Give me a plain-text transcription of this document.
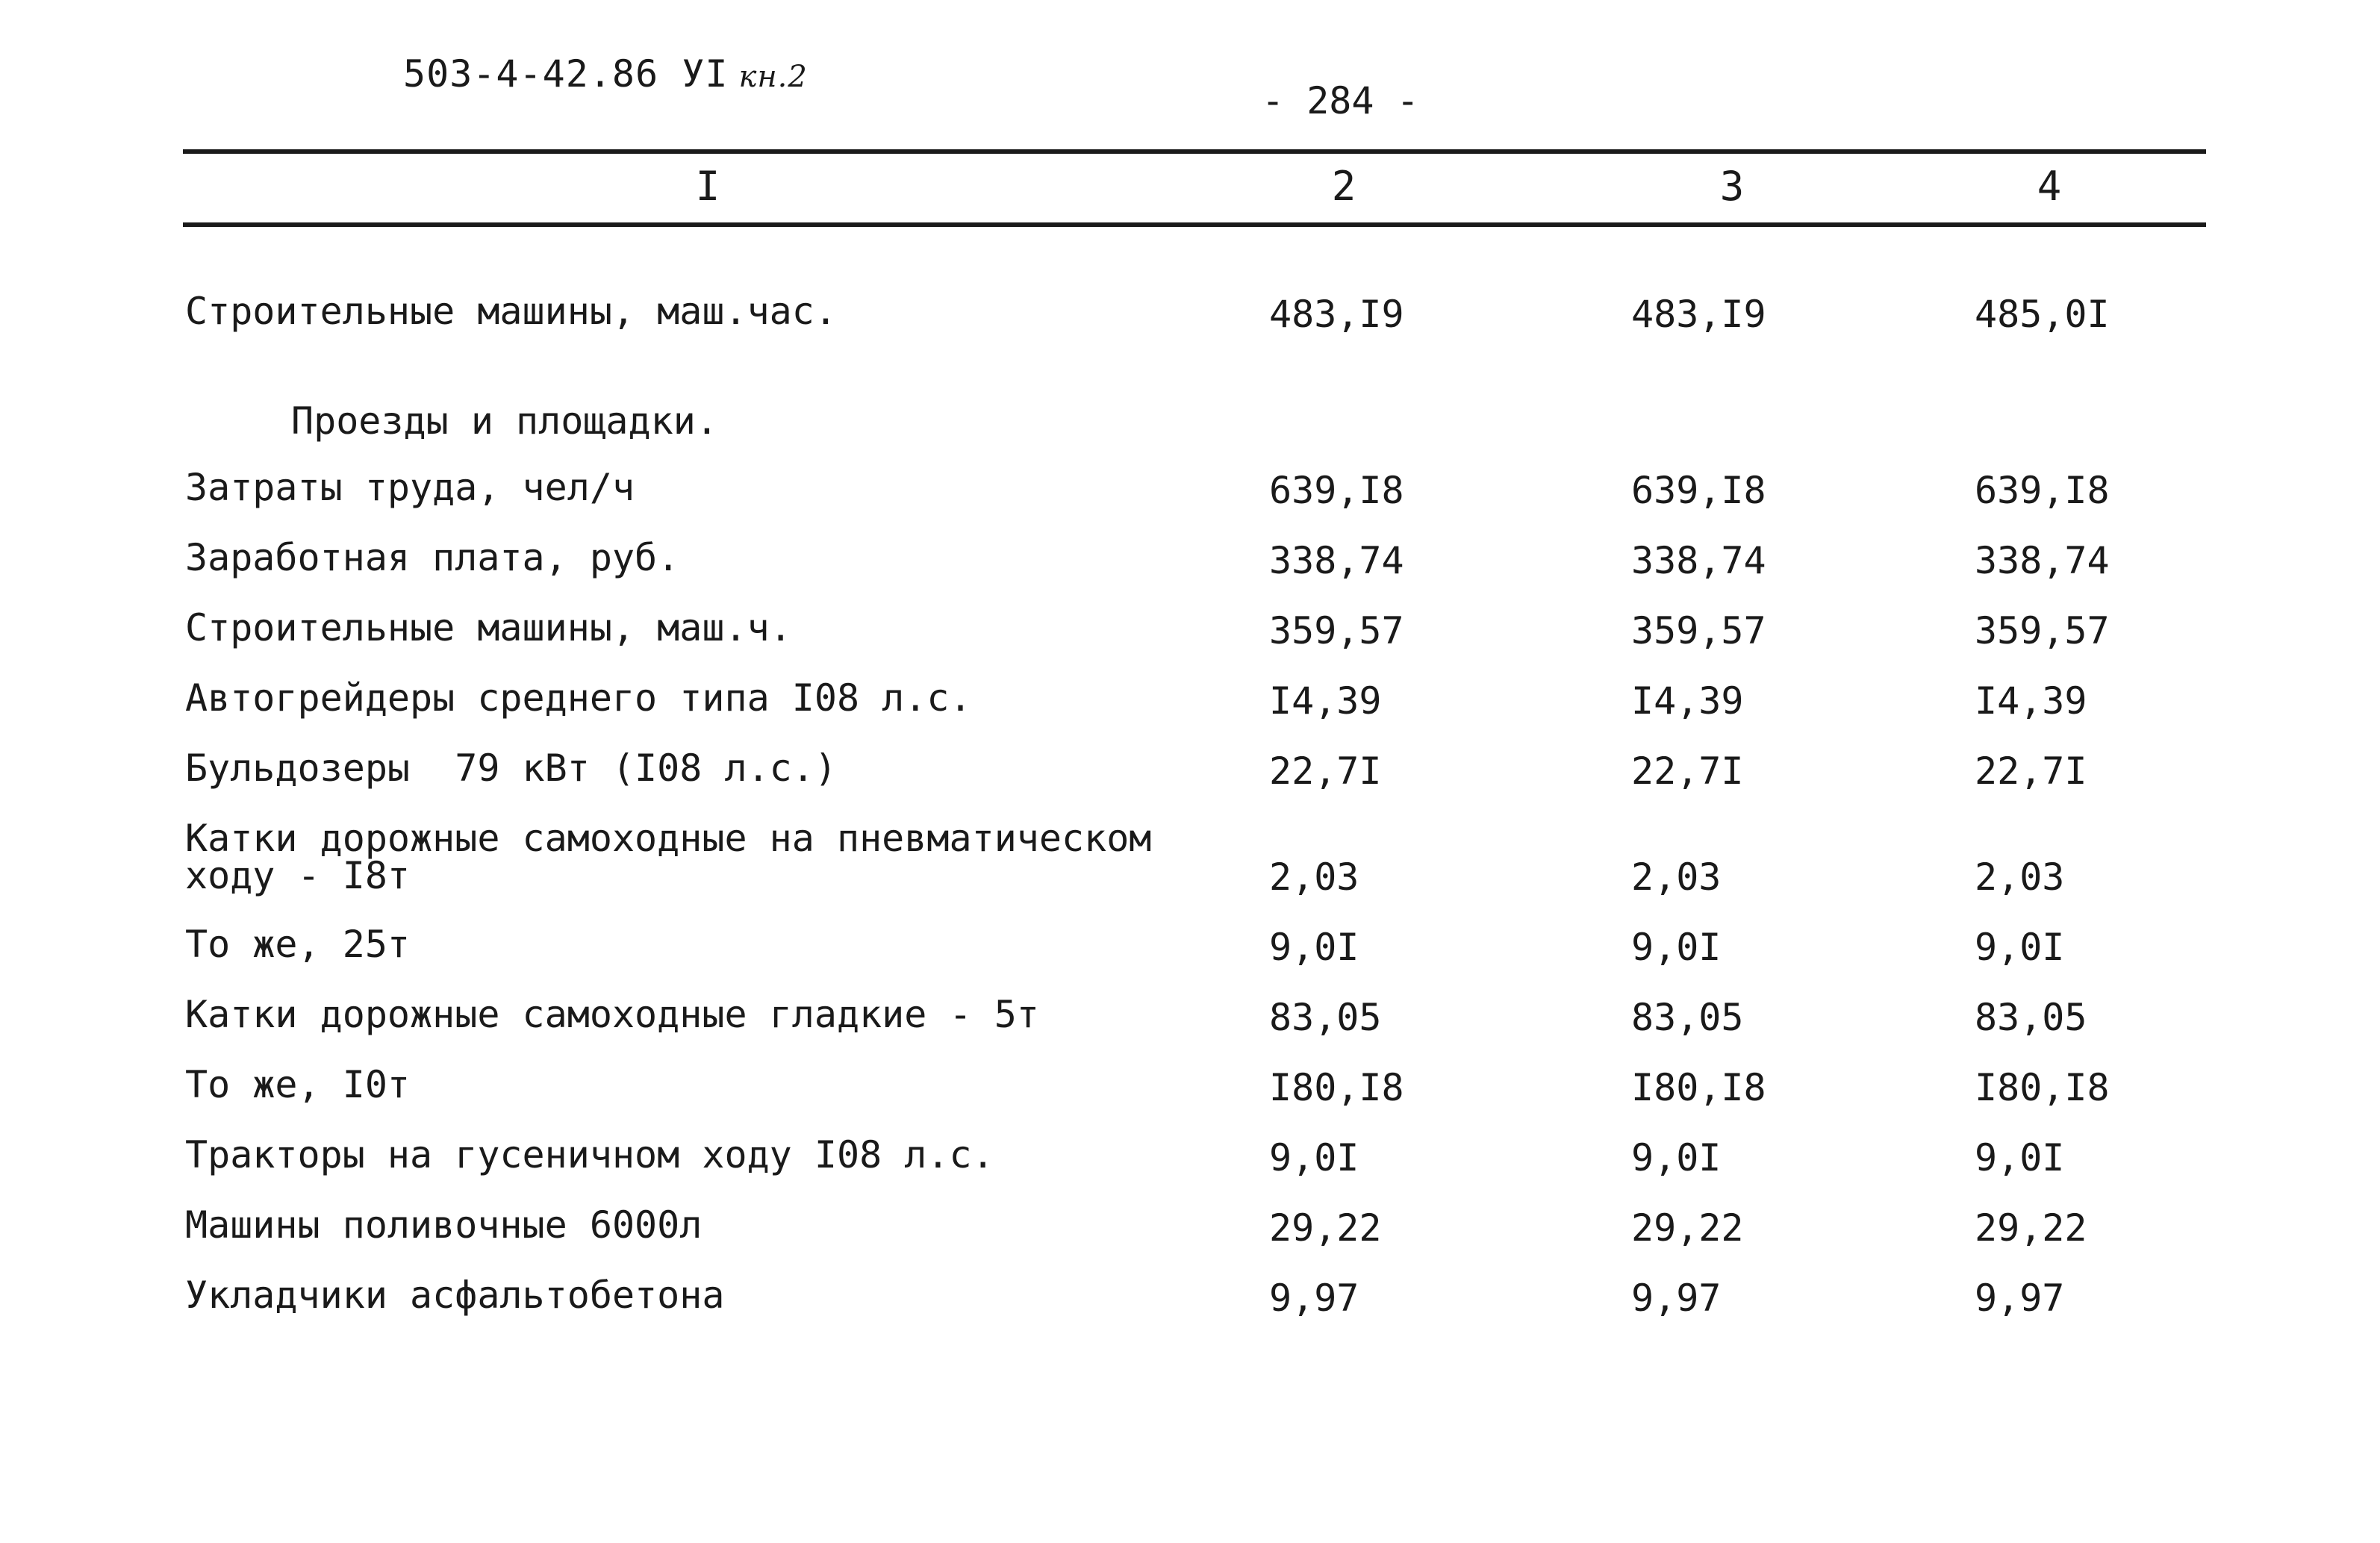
503-4-42.86 УI кн.2
- 284 -
I	2	3	4
Строительные машины, маш.час.	483,I9	483,I9	485,0I
Проезды и площадки.
Затраты труда, чел/ч	639,I8	639,I8	639,I8
Заработная плата, руб.	338,74	338,74	338,74
Строительные машины, маш.ч.	359,57	359,57	359,57
Автогрейдеры среднего типа I08 л.с.	I4,39	I4,39	I4,39
Бульдозеры  79 кВт (I08 л.с.)	22,7I	22,7I	22,7I
Катки дорожные самоходные на пневматическом
ходу - I8т	2,03	2,03	2,03
То же, 25т	9,0I	9,0I	9,0I
Катки дорожные самоходные гладкие - 5т	83,05	83,05	83,05
То же, I0т	I80,I8	I80,I8	I80,I8
Тракторы на гусеничном ходу I08 л.с.	9,0I	9,0I	9,0I
Машины поливочные 6000л	29,22	29,22	29,22
Укладчики асфальтобетона	9,97	9,97	9,97
